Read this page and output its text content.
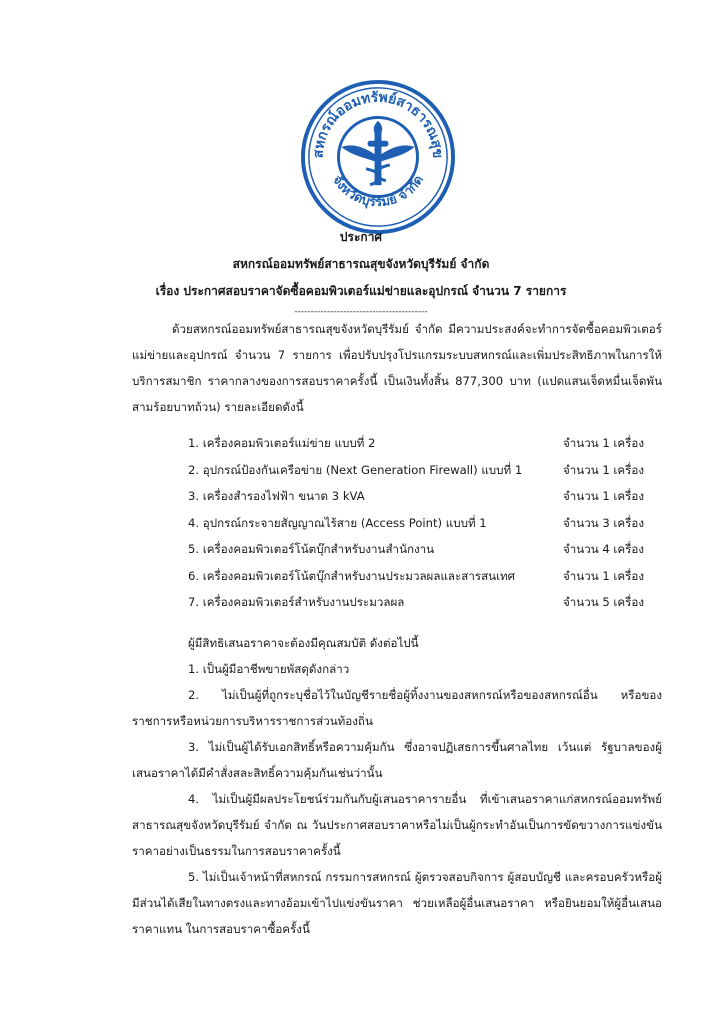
สหกรณ์ออมทรัพย์สาธารณสุข
จังหวัดบุรีรัมย์ จำกัด
ประกาศ
สหกรณ์ออมทรัพย์สาธารณสุขจังหวัดบุรีรัมย์ จำกัด
เรื่อง ประกาศสอบราคาจัดซื้อคอมพิวเตอร์แม่ข่ายและอุปกรณ์ จำนวน 7 รายการ
-----------------------------------------
ด้วยสหกรณ์ออมทรัพย์สาธารณสุขจังหวัดบุรีรัมย์ จำกัด มีความประสงค์จะทำการจัดซื้อคอมพิวเตอร์แม่ข่ายและอุปกรณ์ จำนวน 7 รายการ เพื่อปรับปรุงโปรแกรมระบบสหกรณ์และเพิ่มประสิทธิภาพในการให้บริการสมาชิก ราคากลางของการสอบราคาครั้งนี้ เป็นเงินทั้งสิ้น 877,300 บาท (แปดแสนเจ็ดหมื่นเจ็ดพันสามร้อยบาทถ้วน) รายละเอียดดังนี้
1. เครื่องคอมพิวเตอร์แม่ข่าย แบบที่ 2	จำนวน 1 เครื่อง
2. อุปกรณ์ป้องกันเครือข่าย (Next Generation Firewall) แบบที่ 1	จำนวน 1 เครื่อง
3. เครื่องสำรองไฟฟ้า ขนาด 3 kVA	จำนวน 1 เครื่อง
4. อุปกรณ์กระจายสัญญาณไร้สาย (Access Point) แบบที่ 1	จำนวน 3 เครื่อง
5. เครื่องคอมพิวเตอร์โน้ตบุ๊กสำหรับงานสำนักงาน	จำนวน 4 เครื่อง
6. เครื่องคอมพิวเตอร์โน้ตบุ๊กสำหรับงานประมวลผลและสารสนเทศ	จำนวน 1 เครื่อง
7. เครื่องคอมพิวเตอร์สำหรับงานประมวลผล	จำนวน 5 เครื่อง
ผู้มีสิทธิเสนอราคาจะต้องมีคุณสมบัติ ดังต่อไปนี้
1. เป็นผู้มีอาชีพขายพัสดุดังกล่าว
2. ไม่เป็นผู้ที่ถูกระบุชื่อไว้ในบัญชีรายชื่อผู้ทิ้งงานของสหกรณ์หรือของสหกรณ์อื่น หรือของราชการหรือหน่วยการบริหารราชการส่วนท้องถิ่น
3. ไม่เป็นผู้ได้รับเอกสิทธิ์หรือความคุ้มกัน ซึ่งอาจปฏิเสธการขึ้นศาลไทย เว้นแต่ รัฐบาลของผู้เสนอราคาได้มีคำสั่งสละสิทธิ์ความคุ้มกันเช่นว่านั้น
4. ไม่เป็นผู้มีผลประโยชน์ร่วมกันกับผู้เสนอราคารายอื่น ที่เข้าเสนอราคาแก่สหกรณ์ออมทรัพย์สาธารณสุขจังหวัดบุรีรัมย์ จำกัด ณ วันประกาศสอบราคาหรือไม่เป็นผู้กระทำอันเป็นการขัดขวางการแข่งขันราคาอย่างเป็นธรรมในการสอบราคาครั้งนี้
5. ไม่เป็นเจ้าหน้าที่สหกรณ์ กรรมการสหกรณ์ ผู้ตรวจสอบกิจการ ผู้สอบบัญชี และครอบครัวหรือผู้มีส่วนได้เสียในทางตรงและทางอ้อมเข้าไปแข่งขันราคา ช่วยเหลือผู้อื่นเสนอราคา หรือยินยอมให้ผู้อื่นเสนอราคาแทน ในการสอบราคาซื้อครั้งนี้
